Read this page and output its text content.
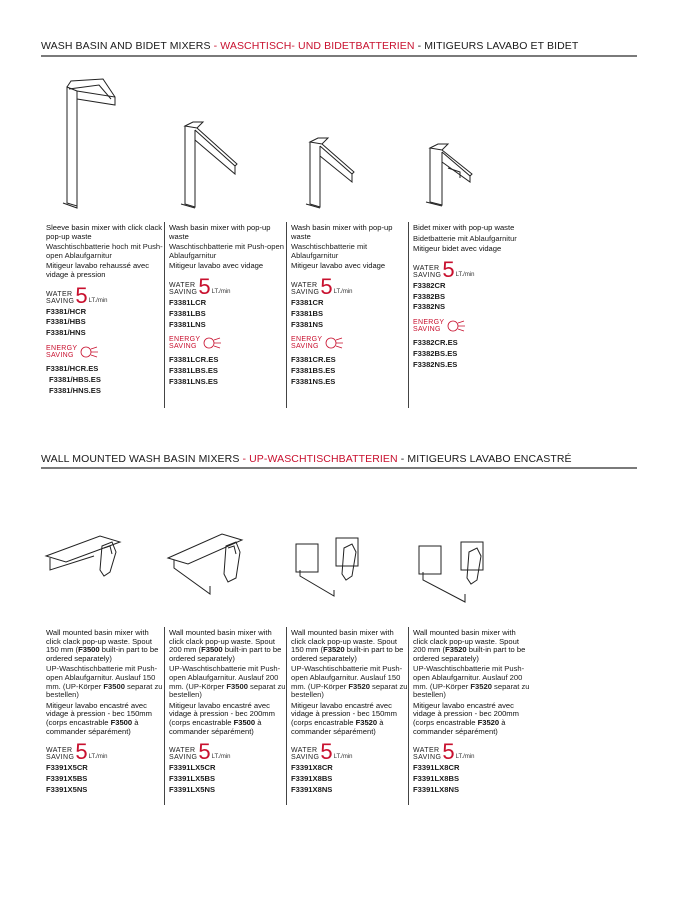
WASH BASIN AND BIDET MIXERS - WASCHTISCH- UND BIDETBATTERIEN - MITIGEURS LAVABO ET BIDET

Sleeve basin mixer with click clack pop-up waste

Waschtischbatterie hoch mit Push-open Ablaufgarnitur

Mitigeur lavabo rehaussé avec vidage à pression

WATER
SAVING 5 LT./min
F3381/HCR
F3381/HBS
F3381/HNS
ENERGY
SAVING
F3381/HCR.ES
F3381/HBS.ES
F3381/HNS.ES

Wash basin mixer with pop-up waste

Waschtischbatterie mit Push-open Ablaufgarnitur

Mitigeur lavabo avec vidage

WATER
SAVING 5 LT./min
F3381LCR
F3381LBS
F3381LNS
ENERGY
SAVING
F3381LCR.ES
F3381LBS.ES
F3381LNS.ES

Wash basin mixer with pop-up waste

Waschtischbatterie mit Ablaufgarnitur

Mitigeur lavabo avec vidage

WATER
SAVING 5 LT./min
F3381CR
F3381BS
F3381NS
ENERGY
SAVING
F3381CR.ES
F3381BS.ES
F3381NS.ES

Bidet mixer with pop-up waste

Bidetbatterie mit Ablaufgarnitur

Mitigeur bidet avec vidage

WATER
SAVING 5 LT./min
F3382CR
F3382BS
F3382NS
ENERGY
SAVING
F3382CR.ES
F3382BS.ES
F3382NS.ES
WALL MOUNTED WASH BASIN MIXERS - UP-WASCHTISCHBATTERIEN - MITIGEURS LAVABO ENCASTRÉ

Wall mounted basin mixer with click clack pop-up waste. Spout 150 mm (F3500 built-in part to be ordered separately)

UP-Waschtischbatterie mit Push-open Ablaufgarnitur. Auslauf 150 mm. (UP-Körper F3500 separat zu bestellen)

Mitigeur lavabo encastré avec vidage à pression - bec 150mm (corps encastrable F3500 à commander séparément)

WATER
SAVING 5 LT./min
F3391X5CR
F3391X5BS
F3391X5NS

Wall mounted basin mixer with click clack pop-up waste. Spout 200 mm (F3500 built-in part to be ordered separately)

UP-Waschtischbatterie mit Push-open Ablaufgarnitur. Auslauf 200 mm. (UP-Körper F3500 separat zu bestellen)

Mitigeur lavabo encastré avec vidage à pression - bec 200mm (corps encastrable F3500 à commander séparément)

WATER
SAVING 5 LT./min
F3391LX5CR
F3391LX5BS
F3391LX5NS

Wall mounted basin mixer with click clack pop-up waste. Spout 150 mm (F3520 built-in part to be ordered separately)

UP-Waschtischbatterie mit Push-open Ablaufgarnitur. Auslauf 150 mm. (UP-Körper F3520 separat zu bestellen)

Mitigeur lavabo encastré avec vidage à pression - bec 150mm (corps encastrable F3520 à commander séparément)

WATER
SAVING 5 LT./min
F3391X8CR
F3391X8BS
F3391X8NS

Wall mounted basin mixer with click clack pop-up waste. Spout 200 mm (F3520 built-in part to be ordered separately)

UP-Waschtischbatterie mit Push-open Ablaufgarnitur. Auslauf 200 mm. (UP-Körper F3520 separat zu bestellen)

Mitigeur lavabo encastré avec vidage à pression - bec 200mm (corps encastrable F3520 à commander séparément)

WATER
SAVING 5 LT./min
F3391LX8CR
F3391LX8BS
F3391LX8NS
